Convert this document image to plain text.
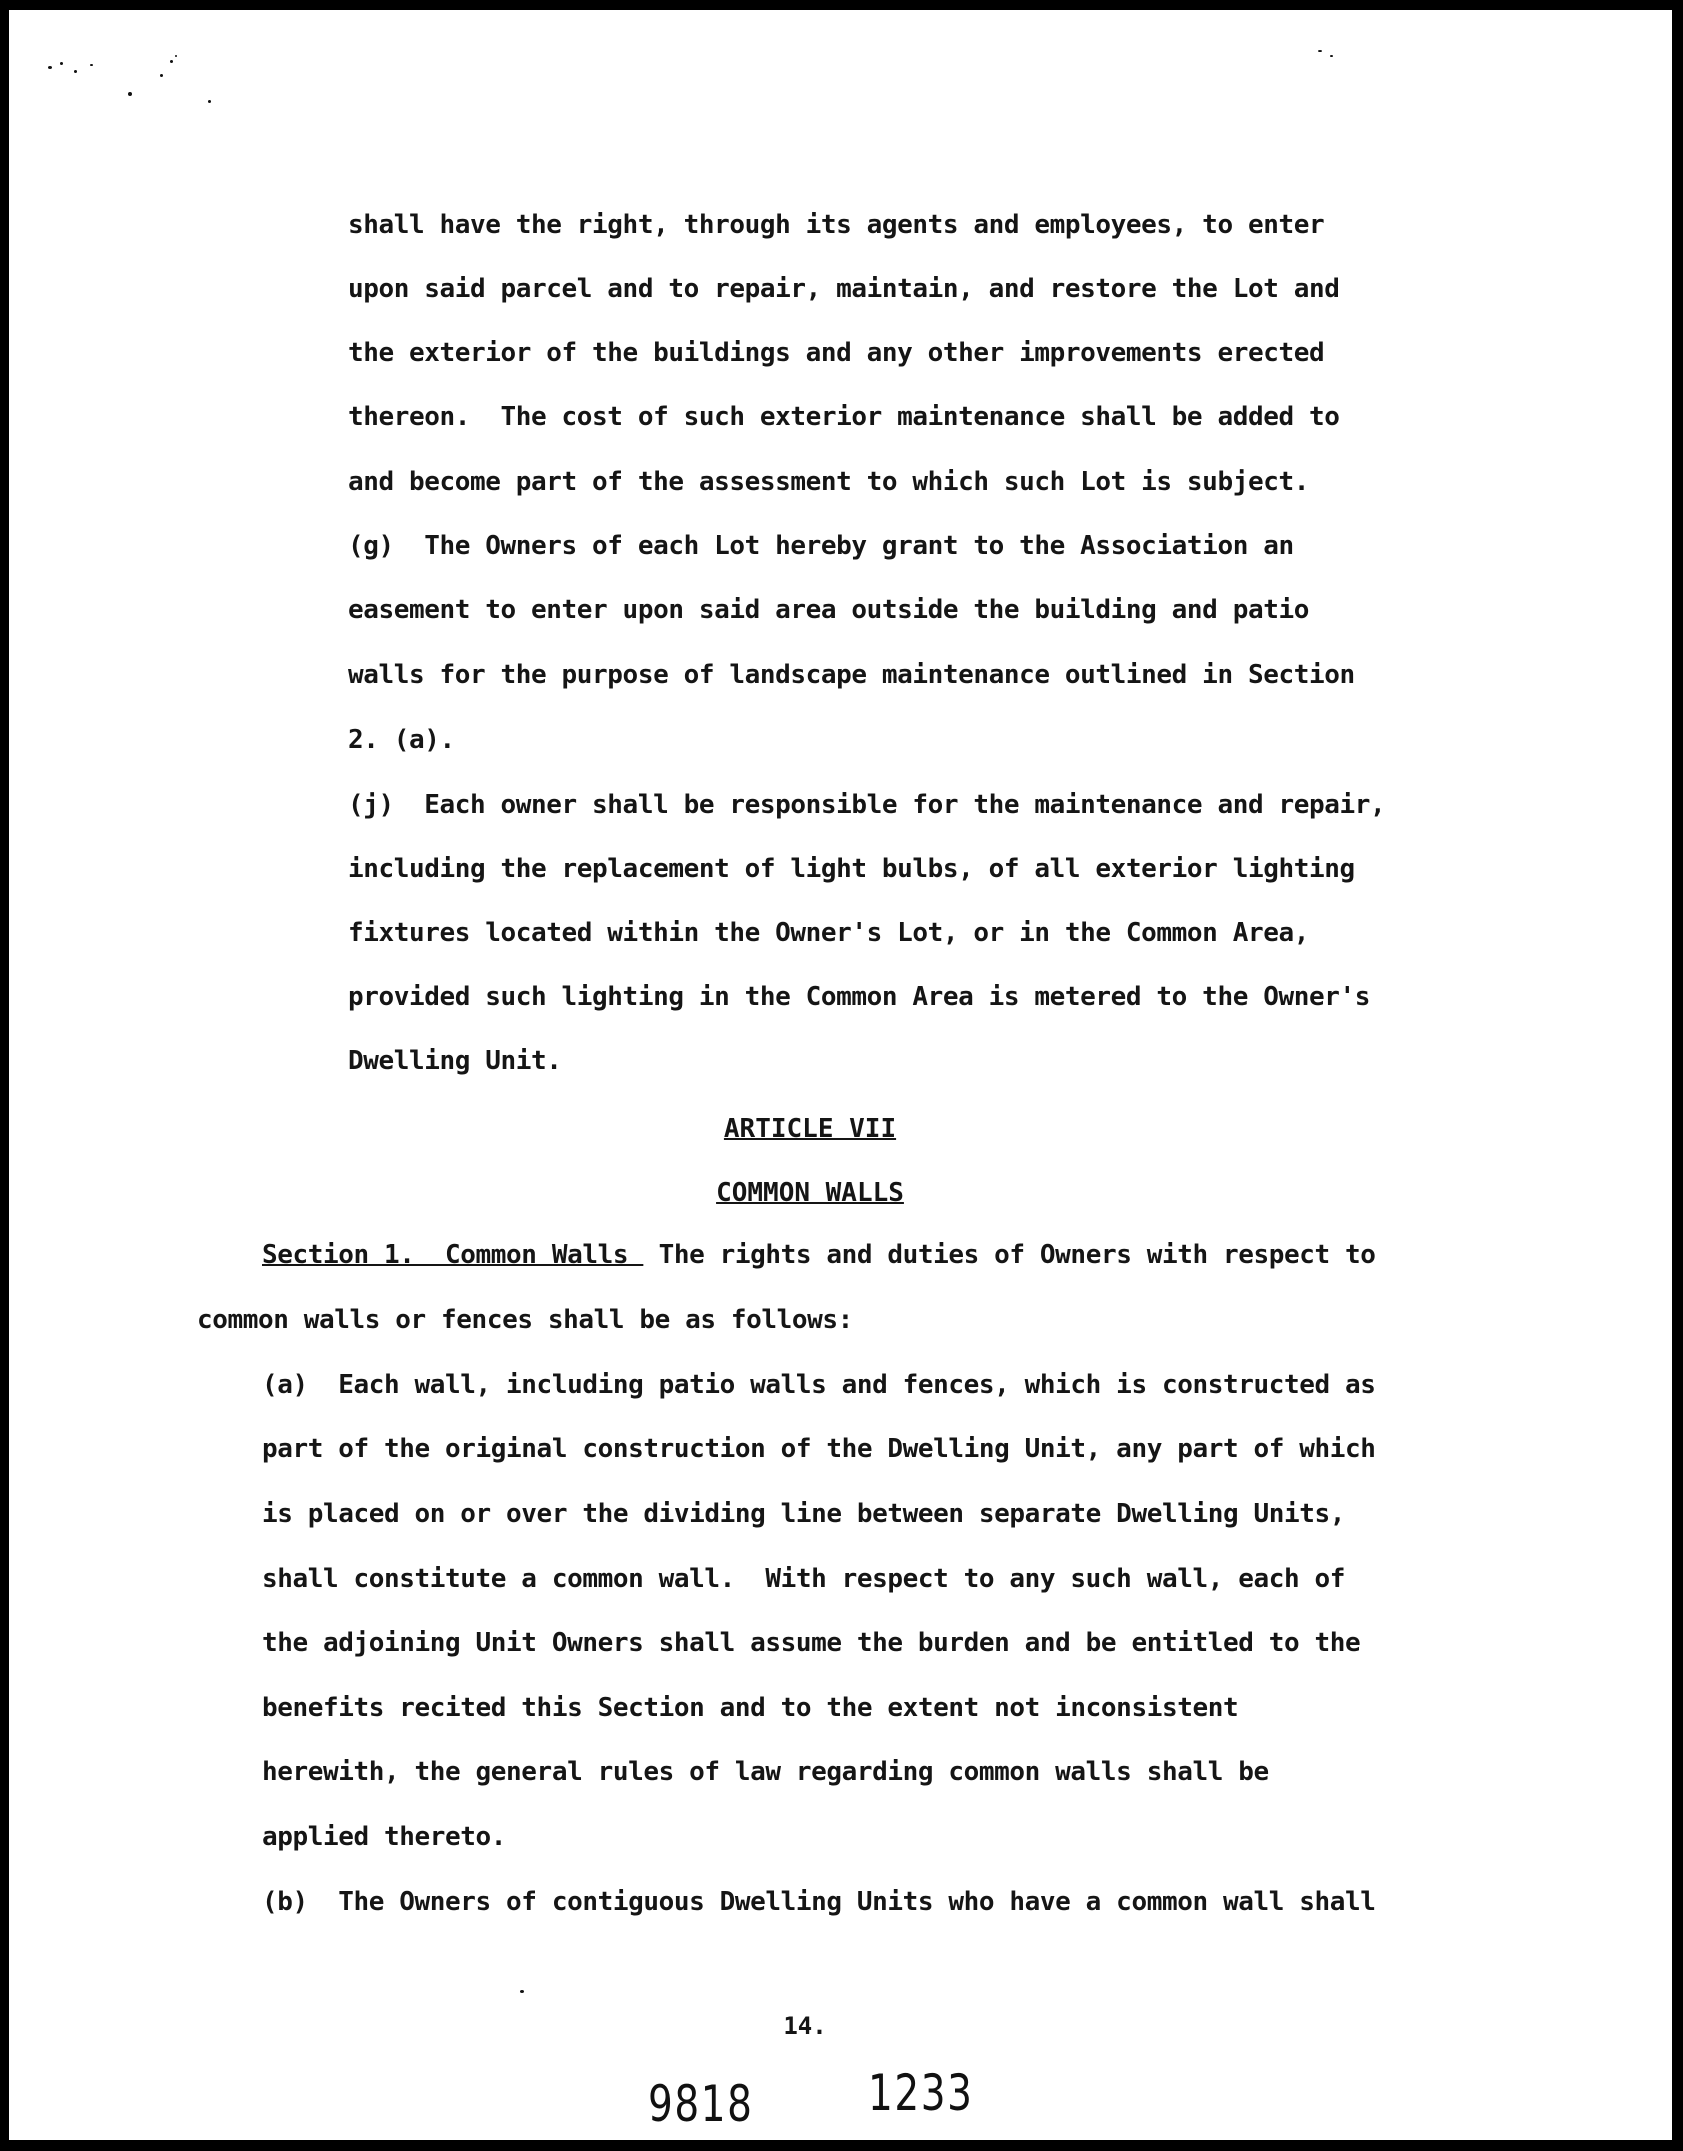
shall have the right, through its agents and employees, to enter
upon said parcel and to repair, maintain, and restore the Lot and
the exterior of the buildings and any other improvements erected
thereon.  The cost of such exterior maintenance shall be added to
and become part of the assessment to which such Lot is subject.
(g)  The Owners of each Lot hereby grant to the Association an
easement to enter upon said area outside the building and patio
walls for the purpose of landscape maintenance outlined in Section
2. (a).
(j)  Each owner shall be responsible for the maintenance and repair,
including the replacement of light bulbs, of all exterior lighting
fixtures located within the Owner's Lot, or in the Common Area,
provided such lighting in the Common Area is metered to the Owner's
Dwelling Unit.
ARTICLE VII
COMMON WALLS
Section 1.  Common Walls  The rights and duties of Owners with respect to
common walls or fences shall be as follows:
(a)  Each wall, including patio walls and fences, which is constructed as
part of the original construction of the Dwelling Unit, any part of which
is placed on or over the dividing line between separate Dwelling Units,
shall constitute a common wall.  With respect to any such wall, each of
the adjoining Unit Owners shall assume the burden and be entitled to the
benefits recited this Section and to the extent not inconsistent
herewith, the general rules of law regarding common walls shall be
applied thereto.
(b)  The Owners of contiguous Dwelling Units who have a common wall shall
14.
9818 1233
